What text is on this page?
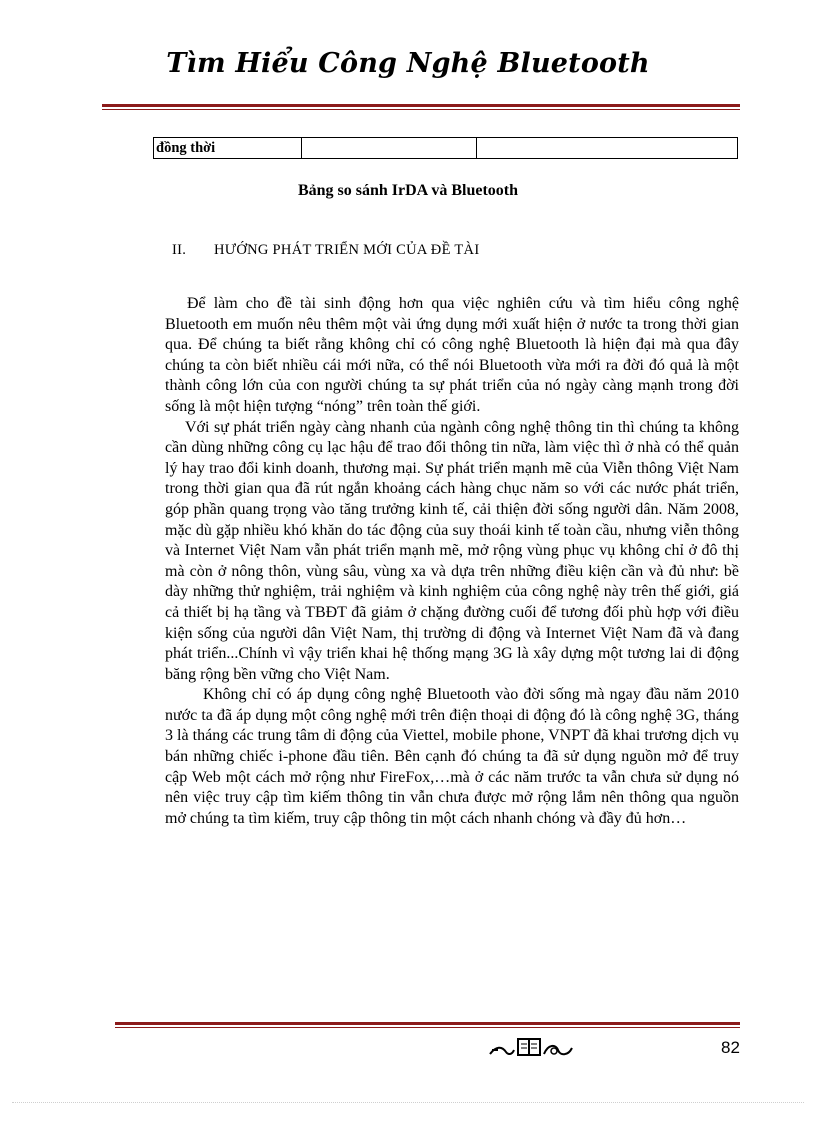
Tìm Hiểu Công Nghệ Bluetooth
đồng thời		

Bảng so sánh IrDA và Bluetooth

II. HƯỚNG PHÁT TRIỂN MỚI CỦA ĐỀ TÀI

Để làm cho đề tài sinh động hơn qua việc nghiên cứu và tìm hiểu công nghệ Bluetooth em muốn nêu thêm một vài ứng dụng mới xuất hiện ở nước ta trong thời gian qua. Để chúng ta biết rằng không chỉ có công nghệ Bluetooth là hiện đại mà qua đây chúng ta còn biết nhiều cái mới nữa, có thể nói Bluetooth vừa mới ra đời đó quả là một thành công lớn của con người chúng ta sự phát triển của nó ngày càng mạnh trong đời sống là một hiện tượng “nóng” trên toàn thế giới.

Với sự phát triển ngày càng nhanh của ngành công nghệ thông tin thì chúng ta không cần dùng những công cụ lạc hậu để trao đổi thông tin nữa, làm việc thì ở nhà có thể quản lý hay trao đổi kinh doanh, thương mại. Sự phát triển mạnh mẽ của Viễn thông Việt Nam trong thời gian qua đã rút ngắn khoảng cách hàng chục năm so với các nước phát triển, góp phần quang trọng vào tăng trưởng kinh tế, cải thiện đời sống người dân. Năm 2008, mặc dù gặp nhiều khó khăn do tác động của suy thoái kinh tế toàn cầu, nhưng viễn thông và Internet Việt Nam vẫn phát triển mạnh mẽ, mở rộng vùng phục vụ không chỉ ở đô thị mà còn ở nông thôn, vùng sâu, vùng xa và dựa trên những điều kiện cần và đủ như: bề dày những thử nghiệm, trải nghiệm và kinh nghiệm của công nghệ này trên thế giới, giá cả thiết bị hạ tầng và TBĐT đã giảm ở chặng đường cuối để tương đối phù hợp với điều kiện sống của người dân Việt Nam, thị trường di động và Internet Việt Nam đã và đang phát triển...Chính vì vậy triển khai hệ thống mạng 3G là xây dựng một tương lai di động băng rộng bền vững cho Việt Nam.

Không chỉ có áp dụng công nghệ Bluetooth vào đời sống mà ngay đầu năm 2010 nước ta đã áp dụng một công nghệ mới trên điện thoại di động đó là công nghệ 3G, tháng 3 là tháng các trung tâm di động của Viettel, mobile phone, VNPT đã khai trương dịch vụ bán những chiếc i-phone đầu tiên. Bên cạnh đó chúng ta đã sử dụng nguồn mở để truy cập Web một cách mở rộng như FireFox,…mà ở các năm trước ta vẫn chưa sử dụng nó nên việc truy cập tìm kiếm thông tin vẫn chưa được mở rộng lắm nên thông qua nguồn mở chúng ta tìm kiếm, truy cập thông tin một cách nhanh chóng và đầy đủ hơn…

82
